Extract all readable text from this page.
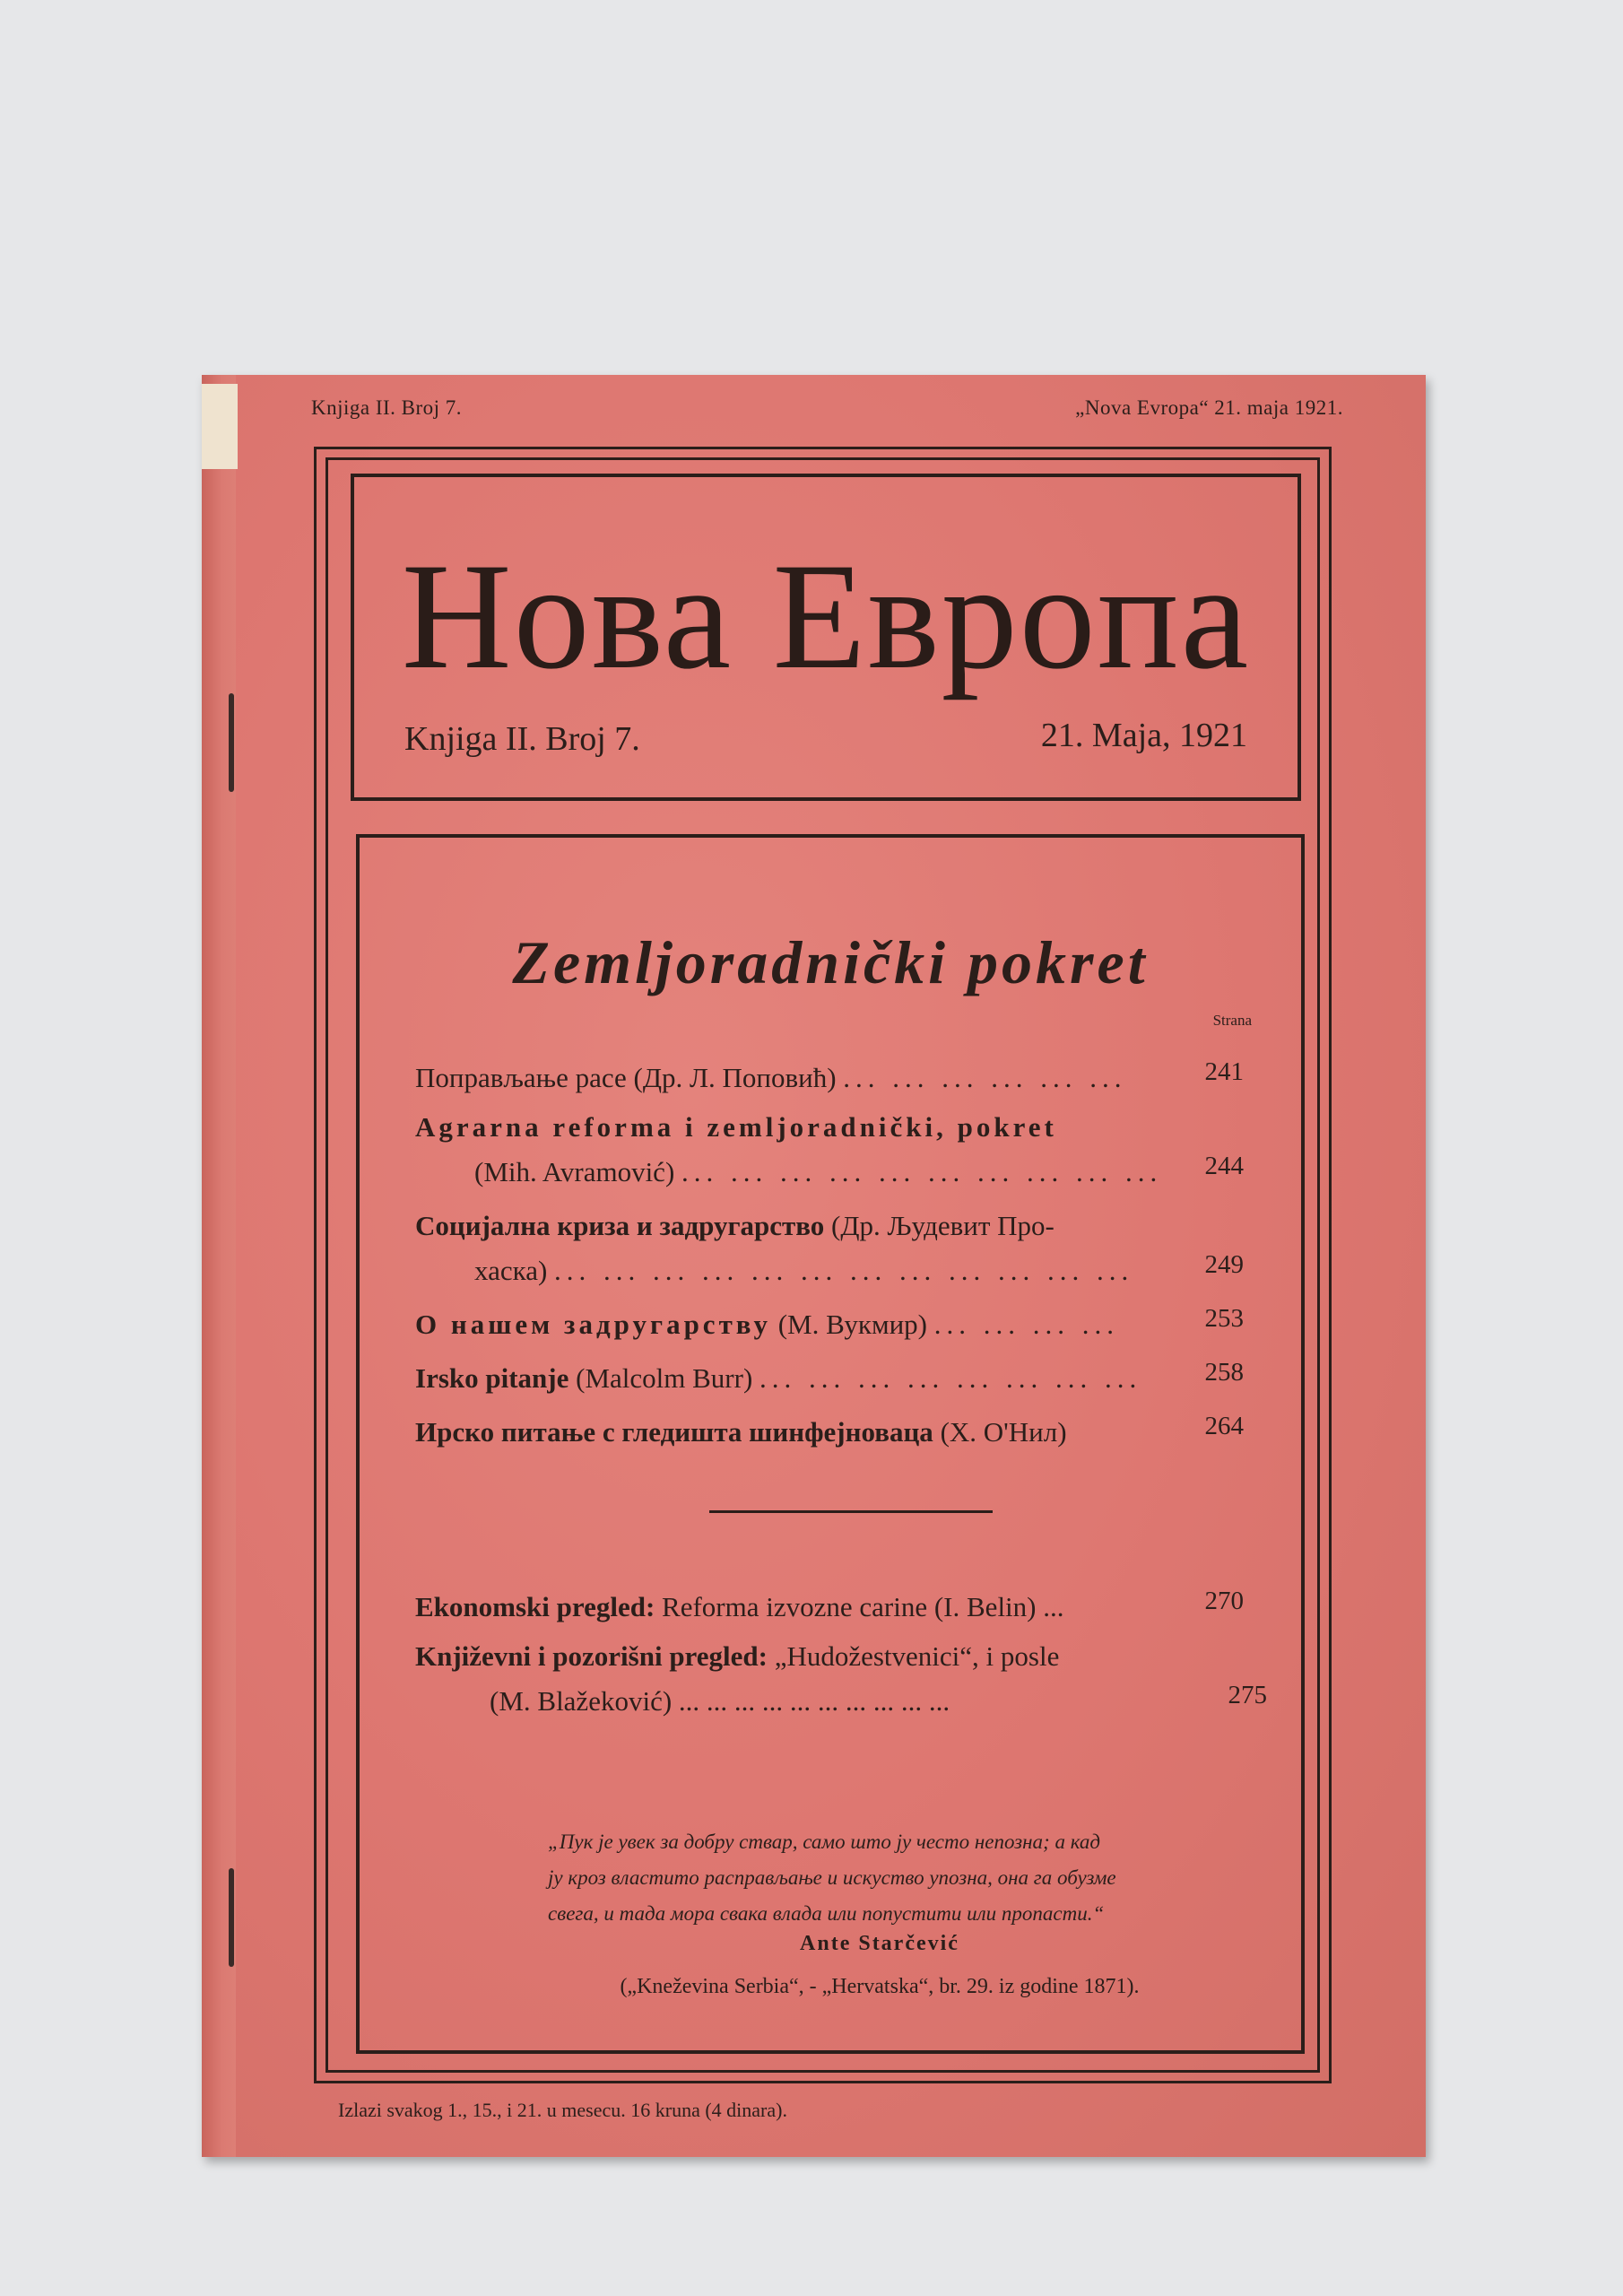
Knjiga II. Broj 7.	„Nova Evropa“ 21. maja 1921.
Нова Европа
Knjiga II. Broj 7.	21. Maja, 1921
Zemljoradnički pokret
Strana
Поправљање расе (Др. Л. Поповић) ... ... ... ... ... ...	241
Agrarna reforma i zemljoradnički, pokret
(Mih. Avramović) ... ... ... ... ... ... ... ... ... ... 244
Социјална криза и задругарство (Др. Људевит Про-
хаска) ... ... ... ... ... ... ... ... ... ... ... ...	249
О нашем задругарству (М. Вукмир) ... ... ... ...	253
Irsko pitanje (Malcolm Burr) ... ... ... ... ... ... ... ... 258
Ирско питање с гледишта шинфејноваца (Х. О'Нил)	264
Ekonomski pregled: Reforma izvozne carine (I. Belin) ...	270
Književni i pozorišni pregled: „Hudožestvenici“, i posle
(M. Blažeković) ... ... ... ... ... ... ... ... ... ...	275

„Пук је увек за добру ствар, само што ју често непозна; а кад

ју кроз властито расправљање и искуство упозна, она га обузме

свега, и тада мора свака влада или попустити или пропасти.“

Ante Starčević
(„Kneževina Serbia“, - „Hervatska“, br. 29. iz godine 1871).
Izlazi svakog 1., 15., i 21. u mesecu. 16 kruna (4 dinara).
